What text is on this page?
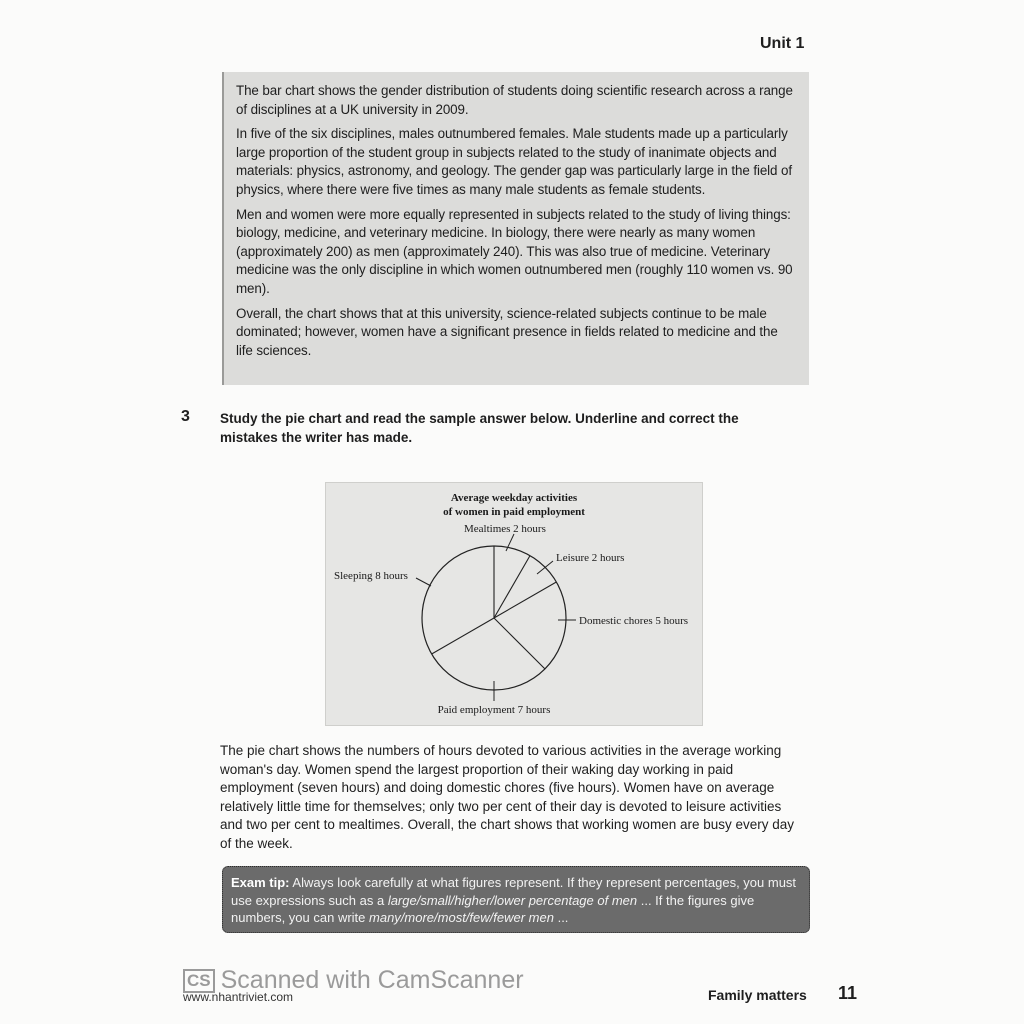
Unit 1

The bar chart shows the gender distribution of students doing scientific research across a range of disciplines at a UK university in 2009.

In five of the six disciplines, males outnumbered females. Male students made up a particularly large proportion of the student group in subjects related to the study of inanimate objects and materials: physics, astronomy, and geology. The gender gap was particularly large in the field of physics, where there were five times as many male students as female students.

Men and women were more equally represented in subjects related to the study of living things: biology, medicine, and veterinary medicine. In biology, there were nearly as many women (approximately 200) as men (approximately 240). This was also true of medicine. Veterinary medicine was the only discipline in which women outnumbered men (roughly 110 women vs. 90 men).

Overall, the chart shows that at this university, science-related subjects continue to be male dominated; however, women have a significant presence in fields related to medicine and the life sciences.

3 Study the pie chart and read the sample answer below. Underline and correct the mistakes the writer has made.
Average weekday activities
of women in paid employment
Mealtimes 2 hours
Leisure 2 hours
Sleeping 8 hours
Domestic chores 5 hours
Paid employment 7 hours

The pie chart shows the numbers of hours devoted to various activities in the average working woman's day. Women spend the largest proportion of their waking day working in paid employment (seven hours) and doing domestic chores (five hours). Women have on average relatively little time for themselves; only two per cent of their day is devoted to leisure activities and two per cent to mealtimes. Overall, the chart shows that working women are busy every day of the week.

Exam tip: Always look carefully at what figures represent. If they represent percentages, you must use expressions such as a large/small/higher/lower percentage of men ... If the figures give numbers, you can write many/more/most/few/fewer men ...
CS Scanned with CamScanner
www.nhantriviet.com	Family matters 11
